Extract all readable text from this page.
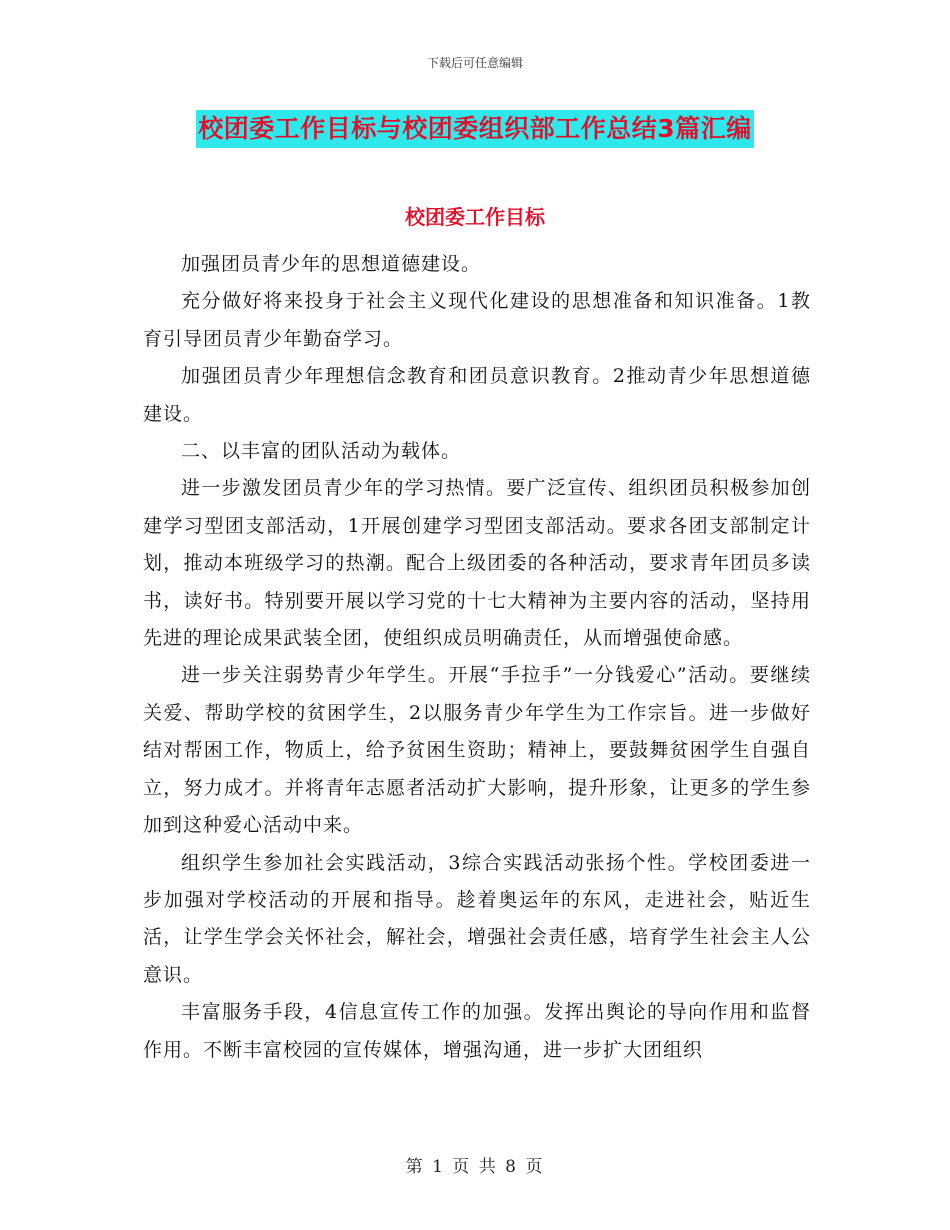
下载后可任意编辑
校团委工作目标与校团委组织部工作总结3篇汇编
校团委工作目标

加强团员青少年的思想道德建设。

充分做好将来投身于社会主义现代化建设的思想准备和知识准备。1教育引导团员青少年勤奋学习。

加强团员青少年理想信念教育和团员意识教育。2推动青少年思想道德建设。

二、以丰富的团队活动为载体。

进一步激发团员青少年的学习热情。要广泛宣传、组织团员积极参加创建学习型团支部活动，1开展创建学习型团支部活动。要求各团支部制定计划，推动本班级学习的热潮。配合上级团委的各种活动，要求青年团员多读书，读好书。特别要开展以学习党的十七大精神为主要内容的活动，坚持用先进的理论成果武装全团，使组织成员明确责任，从而增强使命感。

进一步关注弱势青少年学生。开展“手拉手”一分钱爱心”活动。要继续关爱、帮助学校的贫困学生，2以服务青少年学生为工作宗旨。进一步做好结对帮困工作，物质上，给予贫困生资助；精神上，要鼓舞贫困学生自强自立，努力成才。并将青年志愿者活动扩大影响，提升形象，让更多的学生参加到这种爱心活动中来。

组织学生参加社会实践活动，3综合实践活动张扬个性。学校团委进一步加强对学校活动的开展和指导。趁着奥运年的东风，走进社会，贴近生活，让学生学会关怀社会，解社会，增强社会责任感，培育学生社会主人公意识。

丰富服务手段，4信息宣传工作的加强。发挥出舆论的导向作用和监督作用。不断丰富校园的宣传媒体，增强沟通，进一步扩大团组织

第 1 页 共 8 页
